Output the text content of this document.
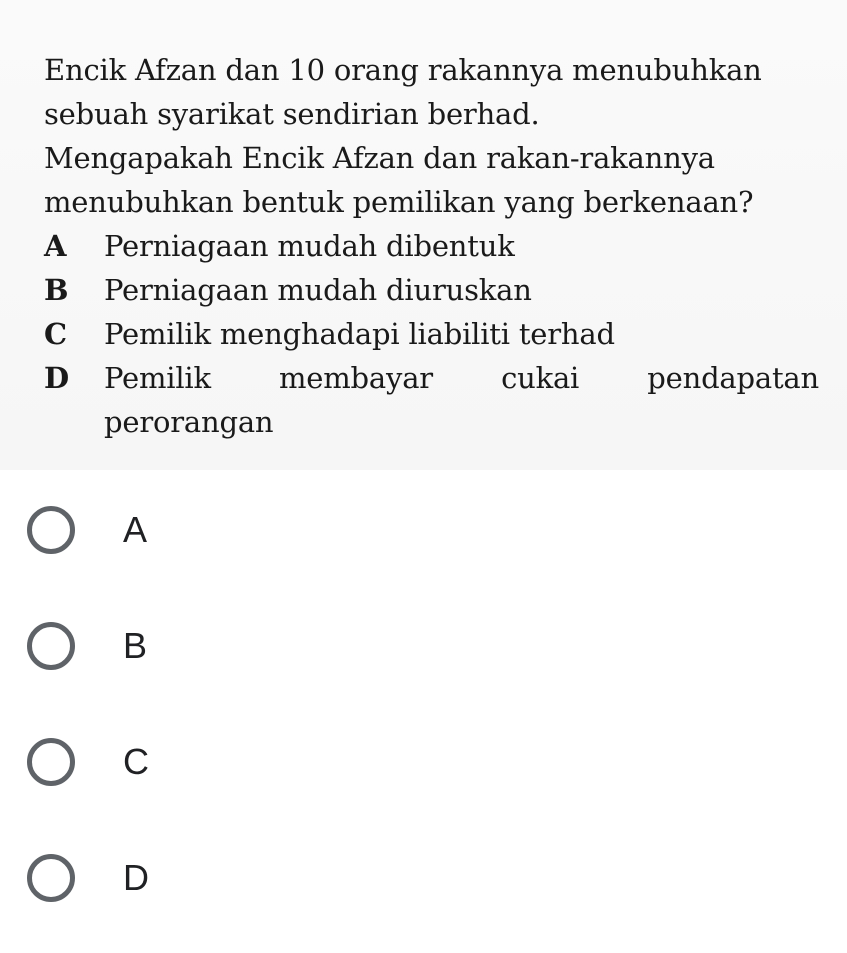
Encik Afzan dan 10 orang rakannya menubuhkan
sebuah syarikat sendirian berhad.
Mengapakah Encik Afzan dan rakan-rakannya
menubuhkan bentuk pemilikan yang berkenaan?
A	Perniagaan mudah dibentuk
B	Perniagaan mudah diuruskan
C	Pemilik menghadapi liabiliti terhad
D	Pemilik membayar cukai pendapatan
perorangan
A
B
C
D
